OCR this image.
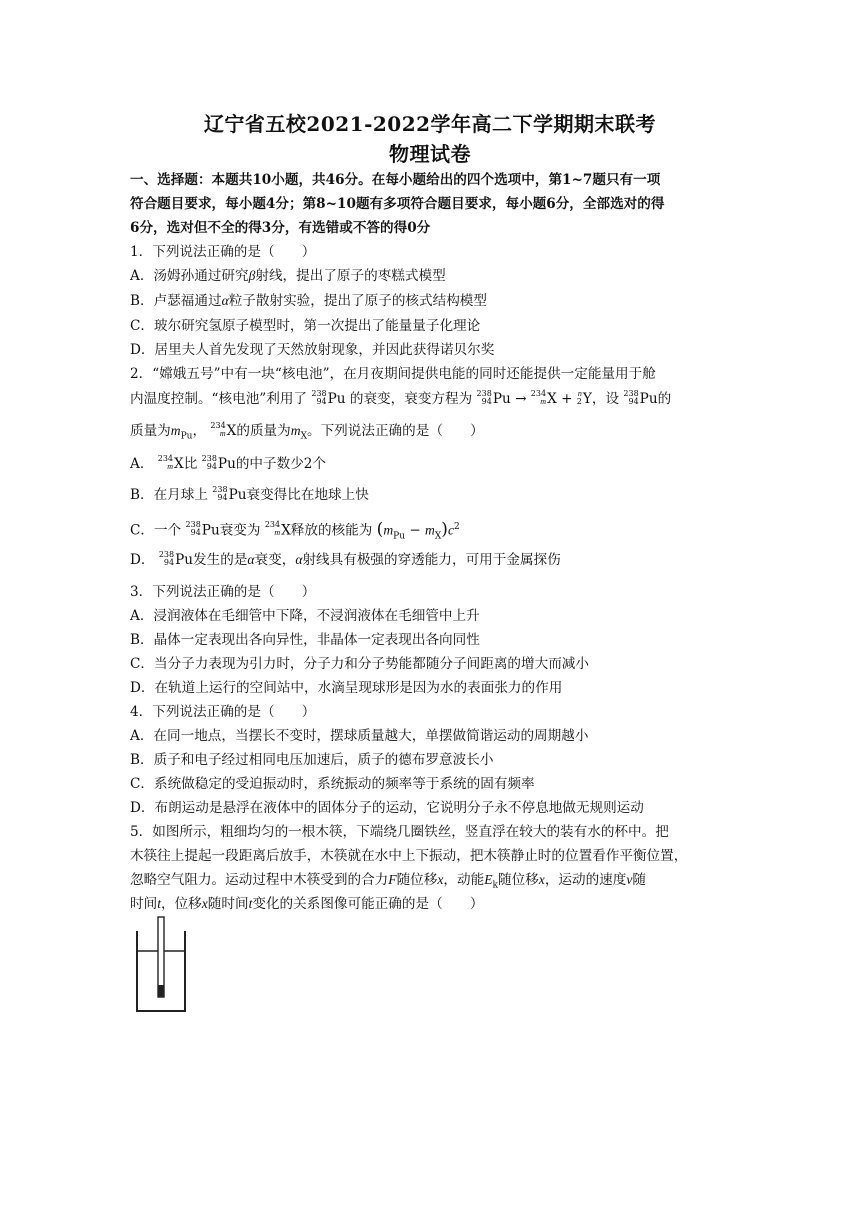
辽宁省五校2021-2022学年高二下学期期末联考
物理试卷
一、选择题：本题共10小题，共46分。在每小题给出的四个选项中，第1~7题只有一项
符合题目要求，每小题4分；第8~10题有多项符合题目要求，每小题6分，全部选对的得
6分，选对但不全的得3分，有选错或不答的得0分
1．下列说法正确的是（　　）
A．汤姆孙通过研究β射线，提出了原子的枣糕式模型
B．卢瑟福通过α粒子散射实验，提出了原子的核式结构模型
C．玻尔研究氢原子模型时，第一次提出了能量量子化理论
D．居里夫人首先发现了天然放射现象，并因此获得诺贝尔奖
2．“嫦娥五号”中有一块“核电池”，在月夜期间提供电能的同时还能提供一定能量用于舱
内温度控制。“核电池”利用了 238
94 Pu 的衰变，衰变方程为 238
94 Pu → 234
m X + n
2 Y，设 238
94 Pu的
质量为$m_{Pu}$， 234
m X的质量为$m_X$。下列说法正确的是（　　）
A． 234
m X比 238
94 Pu的中子数少2个
B．在月球上 238
94 Pu衰变得比在地球上快
C．一个 238
94 Pu衰变为 234
m X释放的核能为 $(m_{Pu} - m_X)c^2$
D． 238
94 Pu发生的是α衰变，α射线具有极强的穿透能力，可用于金属探伤
3．下列说法正确的是（　　）
A．浸润液体在毛细管中下降，不浸润液体在毛细管中上升
B．晶体一定表现出各向异性，非晶体一定表现出各向同性
C．当分子力表现为引力时，分子力和分子势能都随分子间距离的增大而减小
D．在轨道上运行的空间站中，水滴呈现球形是因为水的表面张力的作用
4．下列说法正确的是（　　）
A．在同一地点，当摆长不变时，摆球质量越大，单摆做简谐运动的周期越小
B．质子和电子经过相同电压加速后，质子的德布罗意波长小
C．系统做稳定的受迫振动时，系统振动的频率等于系统的固有频率
D．布朗运动是悬浮在液体中的固体分子的运动，它说明分子永不停息地做无规则运动
5．如图所示，粗细均匀的一根木筷，下端绕几圈铁丝，竖直浮在较大的装有水的杯中。把
木筷往上提起一段距离后放手，木筷就在水中上下振动，把木筷静止时的位置看作平衡位置，
忽略空气阻力。运动过程中木筷受到的合力F随位移x，动能$E_k$随位移x，运动的速度v随
时间t，位移x随时间t变化的关系图像可能正确的是（　　）
